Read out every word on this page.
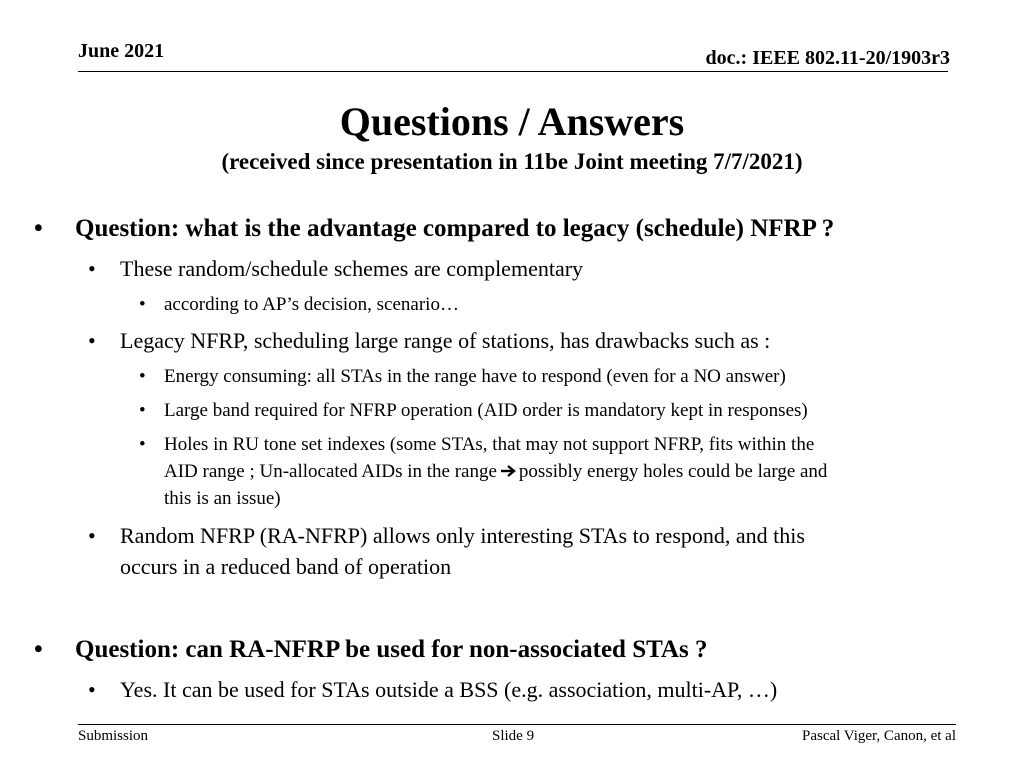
June 2021	doc.: IEEE 802.11-20/1903r3
Questions / Answers
(received since presentation in 11be Joint meeting 7/7/2021)
• Question: what is the advantage compared to legacy (schedule) NFRP ?
• These random/schedule schemes are complementary
• according to AP’s decision, scenario…
• Legacy NFRP, scheduling large range of stations, has drawbacks such as :
• Energy consuming: all STAs in the range have to respond (even for a NO answer)
• Large band required for NFRP operation (AID order is mandatory kept in responses)
• Holes in RU tone set indexes (some STAs, that may not support NFRP, fits within the
AID range ; Un-allocated AIDs in the range possibly energy holes could be large and
this is an issue)
• Random NFRP (RA-NFRP) allows only interesting STAs to respond, and this
occurs in a reduced band of operation
• Question: can RA-NFRP be used for non-associated STAs ?
• Yes. It can be used for STAs outside a BSS (e.g. association, multi-AP, …)
Submission	Slide 9	Pascal Viger, Canon, et al
